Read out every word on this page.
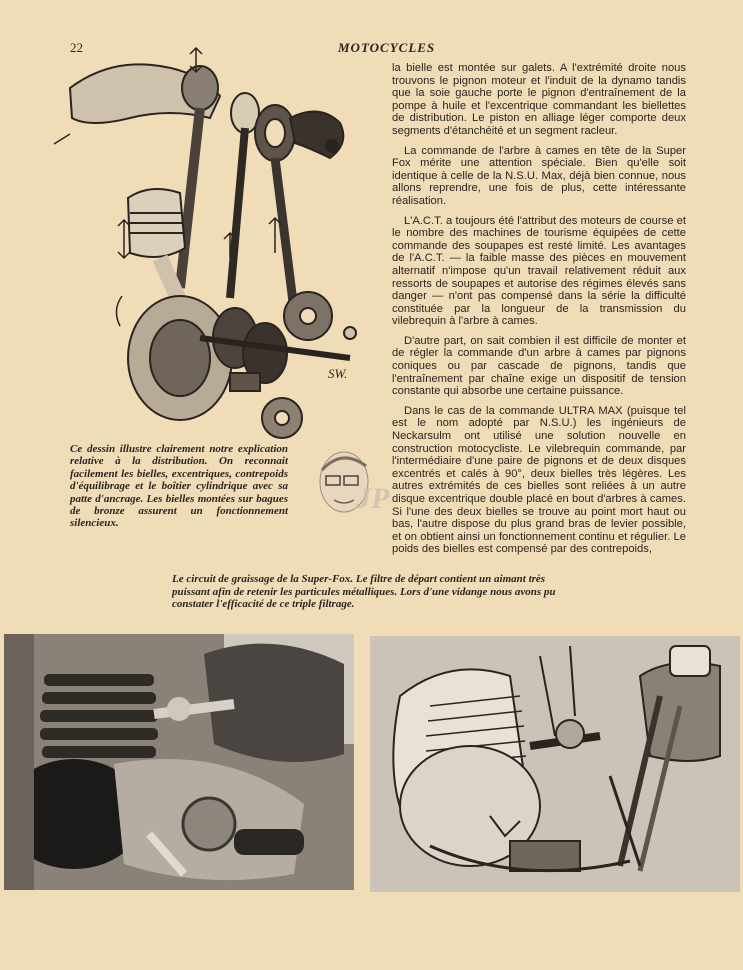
22	MOTOCYCLES
SW.

la bielle est montée sur galets. A l'extrémité droite nous trouvons le pignon moteur et l'induit de la dynamo tandis que la soie gauche porte le pignon d'entraînement de la pompe à huile et l'excentrique commandant les biellettes de distribution. Le piston en alliage léger comporte deux segments d'étanchéité et un segment racleur.

La commande de l'arbre à cames en tête de la Super Fox mérite une attention spéciale. Bien qu'elle soit identique à celle de la N.S.U. Max, déjà bien connue, nous allons reprendre, une fois de plus, cette intéressante réalisation.

L'A.C.T. a toujours été l'attribut des moteurs de course et le nombre des machines de tourisme équipées de cette commande des soupapes est resté limité. Les avantages de l'A.C.T. — la faible masse des pièces en mouvement alternatif n'impose qu'un travail relativement réduit aux ressorts de soupapes et autorise des régimes élevés sans danger — n'ont pas compensé dans la série la difficulté constituée par la longueur de la transmission du vilebrequin à l'arbre à cames.

D'autre part, on sait combien il est difficile de monter et de régler la commande d'un arbre à cames par pignons coniques ou par cascade de pignons, tandis que l'entraînement par chaîne exige un dispositif de tension constante qui absorbe une certaine puissance.

Dans le cas de la commande ULTRA MAX (puisque tel est le nom adopté par N.S.U.) les ingénieurs de Neckarsulm ont utilisé une solution nouvelle en construction motocycliste. Le vilebrequin commande, par l'intermédiaire d'une paire de pignons et de deux disques excentrés et calés à 90°, deux bielles très légères. Les autres extrémités de ces bielles sont reliées à un autre disque excentrique double placé en bout d'arbres à cames. Si l'une des deux bielles se trouve au point mort haut ou bas, l'autre dispose du plus grand bras de levier possible, et on obtient ainsi un fonctionnement continu et régulier. Le poids des bielles est compensé par des contrepoids,

Ce dessin illustre clairement notre explication relative à la distribution. On reconnait facilement les bielles, excentriques, contrepoids d'équilibrage et le boîtier cylindrique avec sa patte d'ancrage. Les bielles montées sur bagues de bronze assurent un fonctionnement silencieux.
JP
Le circuit de graissage de la Super-Fox. Le filtre de départ contient un aimant très puissant afin de retenir les particules métalliques. Lors d'une vidange nous avons pu constater l'efficacité de ce triple filtrage.
